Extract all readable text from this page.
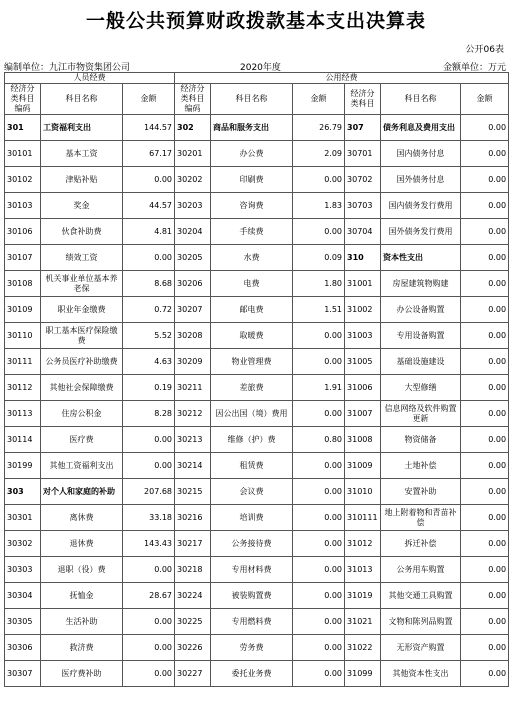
一般公共预算财政拨款基本支出决算表
公开06表
编制单位：九江市物资集团公司	2020年度	金额单位：万元
人员经费			公用经费					
经济分类科目编码	科目名称	金额	经济分类科目编码	科目名称	金额	经济分类科目	科目名称	金额
301	工资福利支出	144.57	302	商品和服务支出	26.79	307	债务利息及费用支出	0.00
30101	基本工资	67.17	30201	办公费	2.09	30701	国内债务付息	0.00
30102	津贴补贴	0.00	30202	印刷费	0.00	30702	国外债务付息	0.00
30103	奖金	44.57	30203	咨询费	1.83	30703	国内债务发行费用	0.00
30106	伙食补助费	4.81	30204	手续费	0.00	30704	国外债务发行费用	0.00
30107	绩效工资	0.00	30205	水费	0.09	310	资本性支出	0.00
30108	机关事业单位基本养老保	8.68	30206	电费	1.80	31001	房屋建筑物购建	0.00
30109	职业年金缴费	0.72	30207	邮电费	1.51	31002	办公设备购置	0.00
30110	职工基本医疗保险缴费	5.52	30208	取暖费	0.00	31003	专用设备购置	0.00
30111	公务员医疗补助缴费	4.63	30209	物业管理费	0.00	31005	基础设施建设	0.00
30112	其他社会保障缴费	0.19	30211	差旅费	1.91	31006	大型修缮	0.00
30113	住房公积金	8.28	30212	因公出国（境）费用	0.00	31007	信息网络及软件购置更新	0.00
30114	医疗费	0.00	30213	维修（护）费	0.80	31008	物资储备	0.00
30199	其他工资福利支出	0.00	30214	租赁费	0.00	31009	土地补偿	0.00
303	对个人和家庭的补助	207.68	30215	会议费	0.00	31010	安置补助	0.00
30301	离休费	33.18	30216	培训费	0.00	310111	地上附着物和青苗补偿	0.00
30302	退休费	143.43	30217	公务接待费	0.00	31012	拆迁补偿	0.00
30303	退职（役）费	0.00	30218	专用材料费	0.00	31013	公务用车购置	0.00
30304	抚恤金	28.67	30224	被装购置费	0.00	31019	其他交通工具购置	0.00
30305	生活补助	0.00	30225	专用燃料费	0.00	31021	文物和陈列品购置	0.00
30306	救济费	0.00	30226	劳务费	0.00	31022	无形资产购置	0.00
30307	医疗费补助	0.00	30227	委托业务费	0.00	31099	其他资本性支出	0.00
